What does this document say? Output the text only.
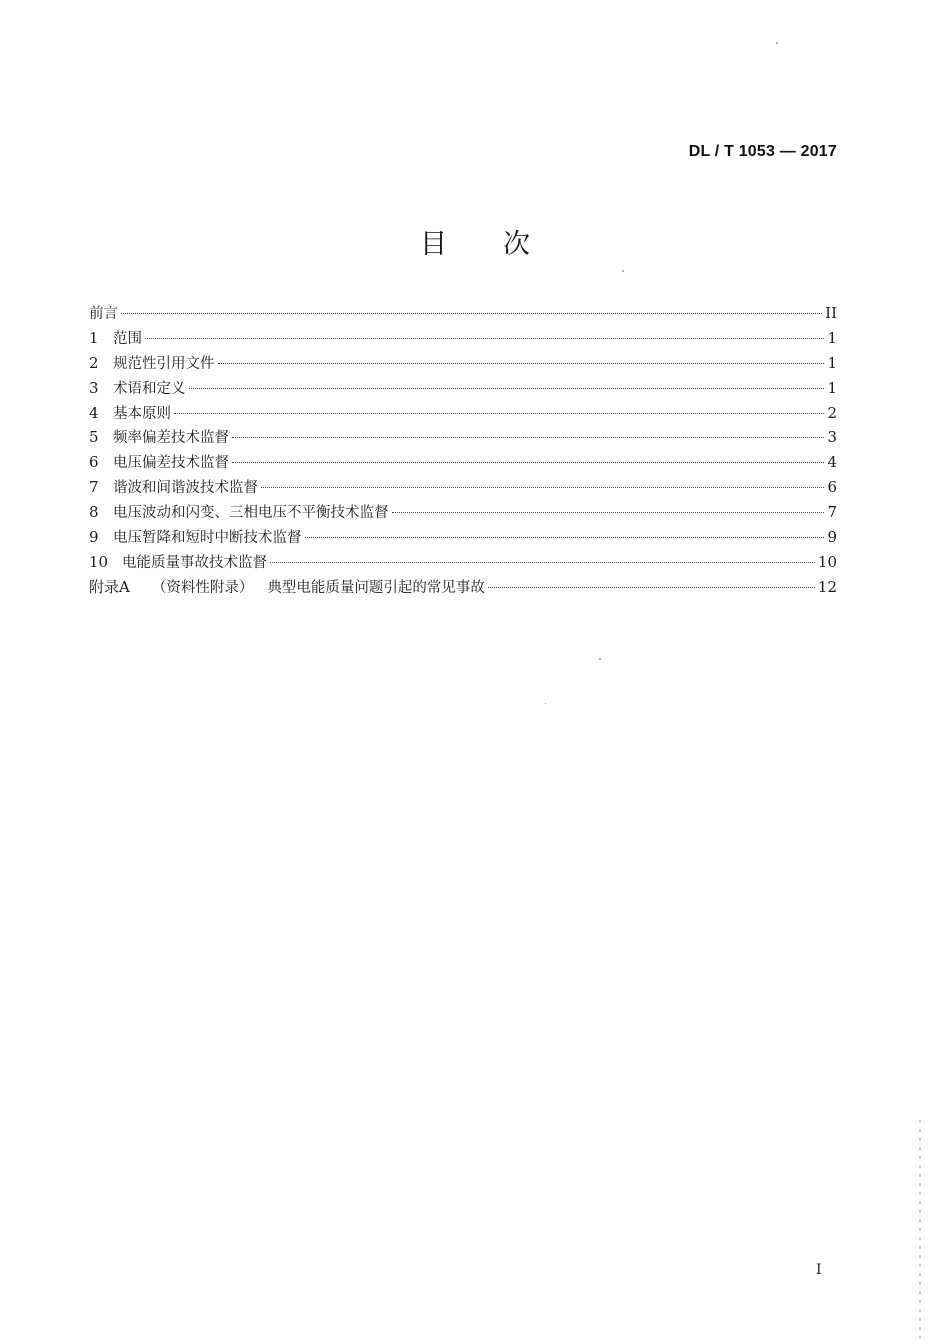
DL / T 1053 — 2017
目次
前言	II
1 范围	1
2 规范性引用文件	1
3 术语和定义	1
4 基本原则	2
5 频率偏差技术监督	3
6 电压偏差技术监督	4
7 谐波和间谐波技术监督	6
8 电压波动和闪变、三相电压不平衡技术监督	7
9 电压暂降和短时中断技术监督	9
10 电能质量事故技术监督	10
附录A	（资料性附录） 典型电能质量问题引起的常见事故	12
I
